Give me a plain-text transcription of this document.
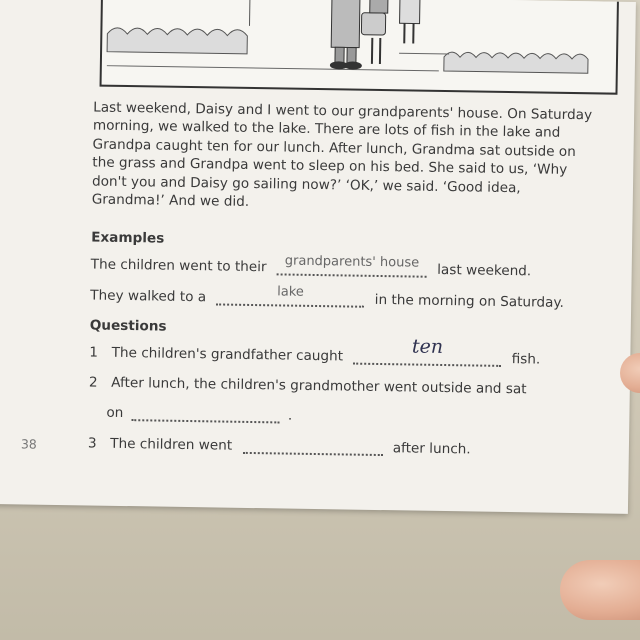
Last weekend, Daisy and I went to our grandparents' house. On Saturday

morning, we walked to the lake. There are lots of fish in the lake and

Grandpa caught ten for our lunch. After lunch, Grandma sat outside on

the grass and Grandpa went to sleep on his bed. She said to us, ‘Why

don't you and Daisy go sailing now?’ ‘OK,’ we said. ‘Good idea,

Grandma!’ And we did.

Examples
The children went to their	grandparents' house	last weekend.
They walked to a	lake	in the morning on Saturday.
Questions
1 The children's grandfather caught	ten
fish.
2 After lunch, the children's grandmother went outside and sat
on	.
3 The children went	after lunch.
38
